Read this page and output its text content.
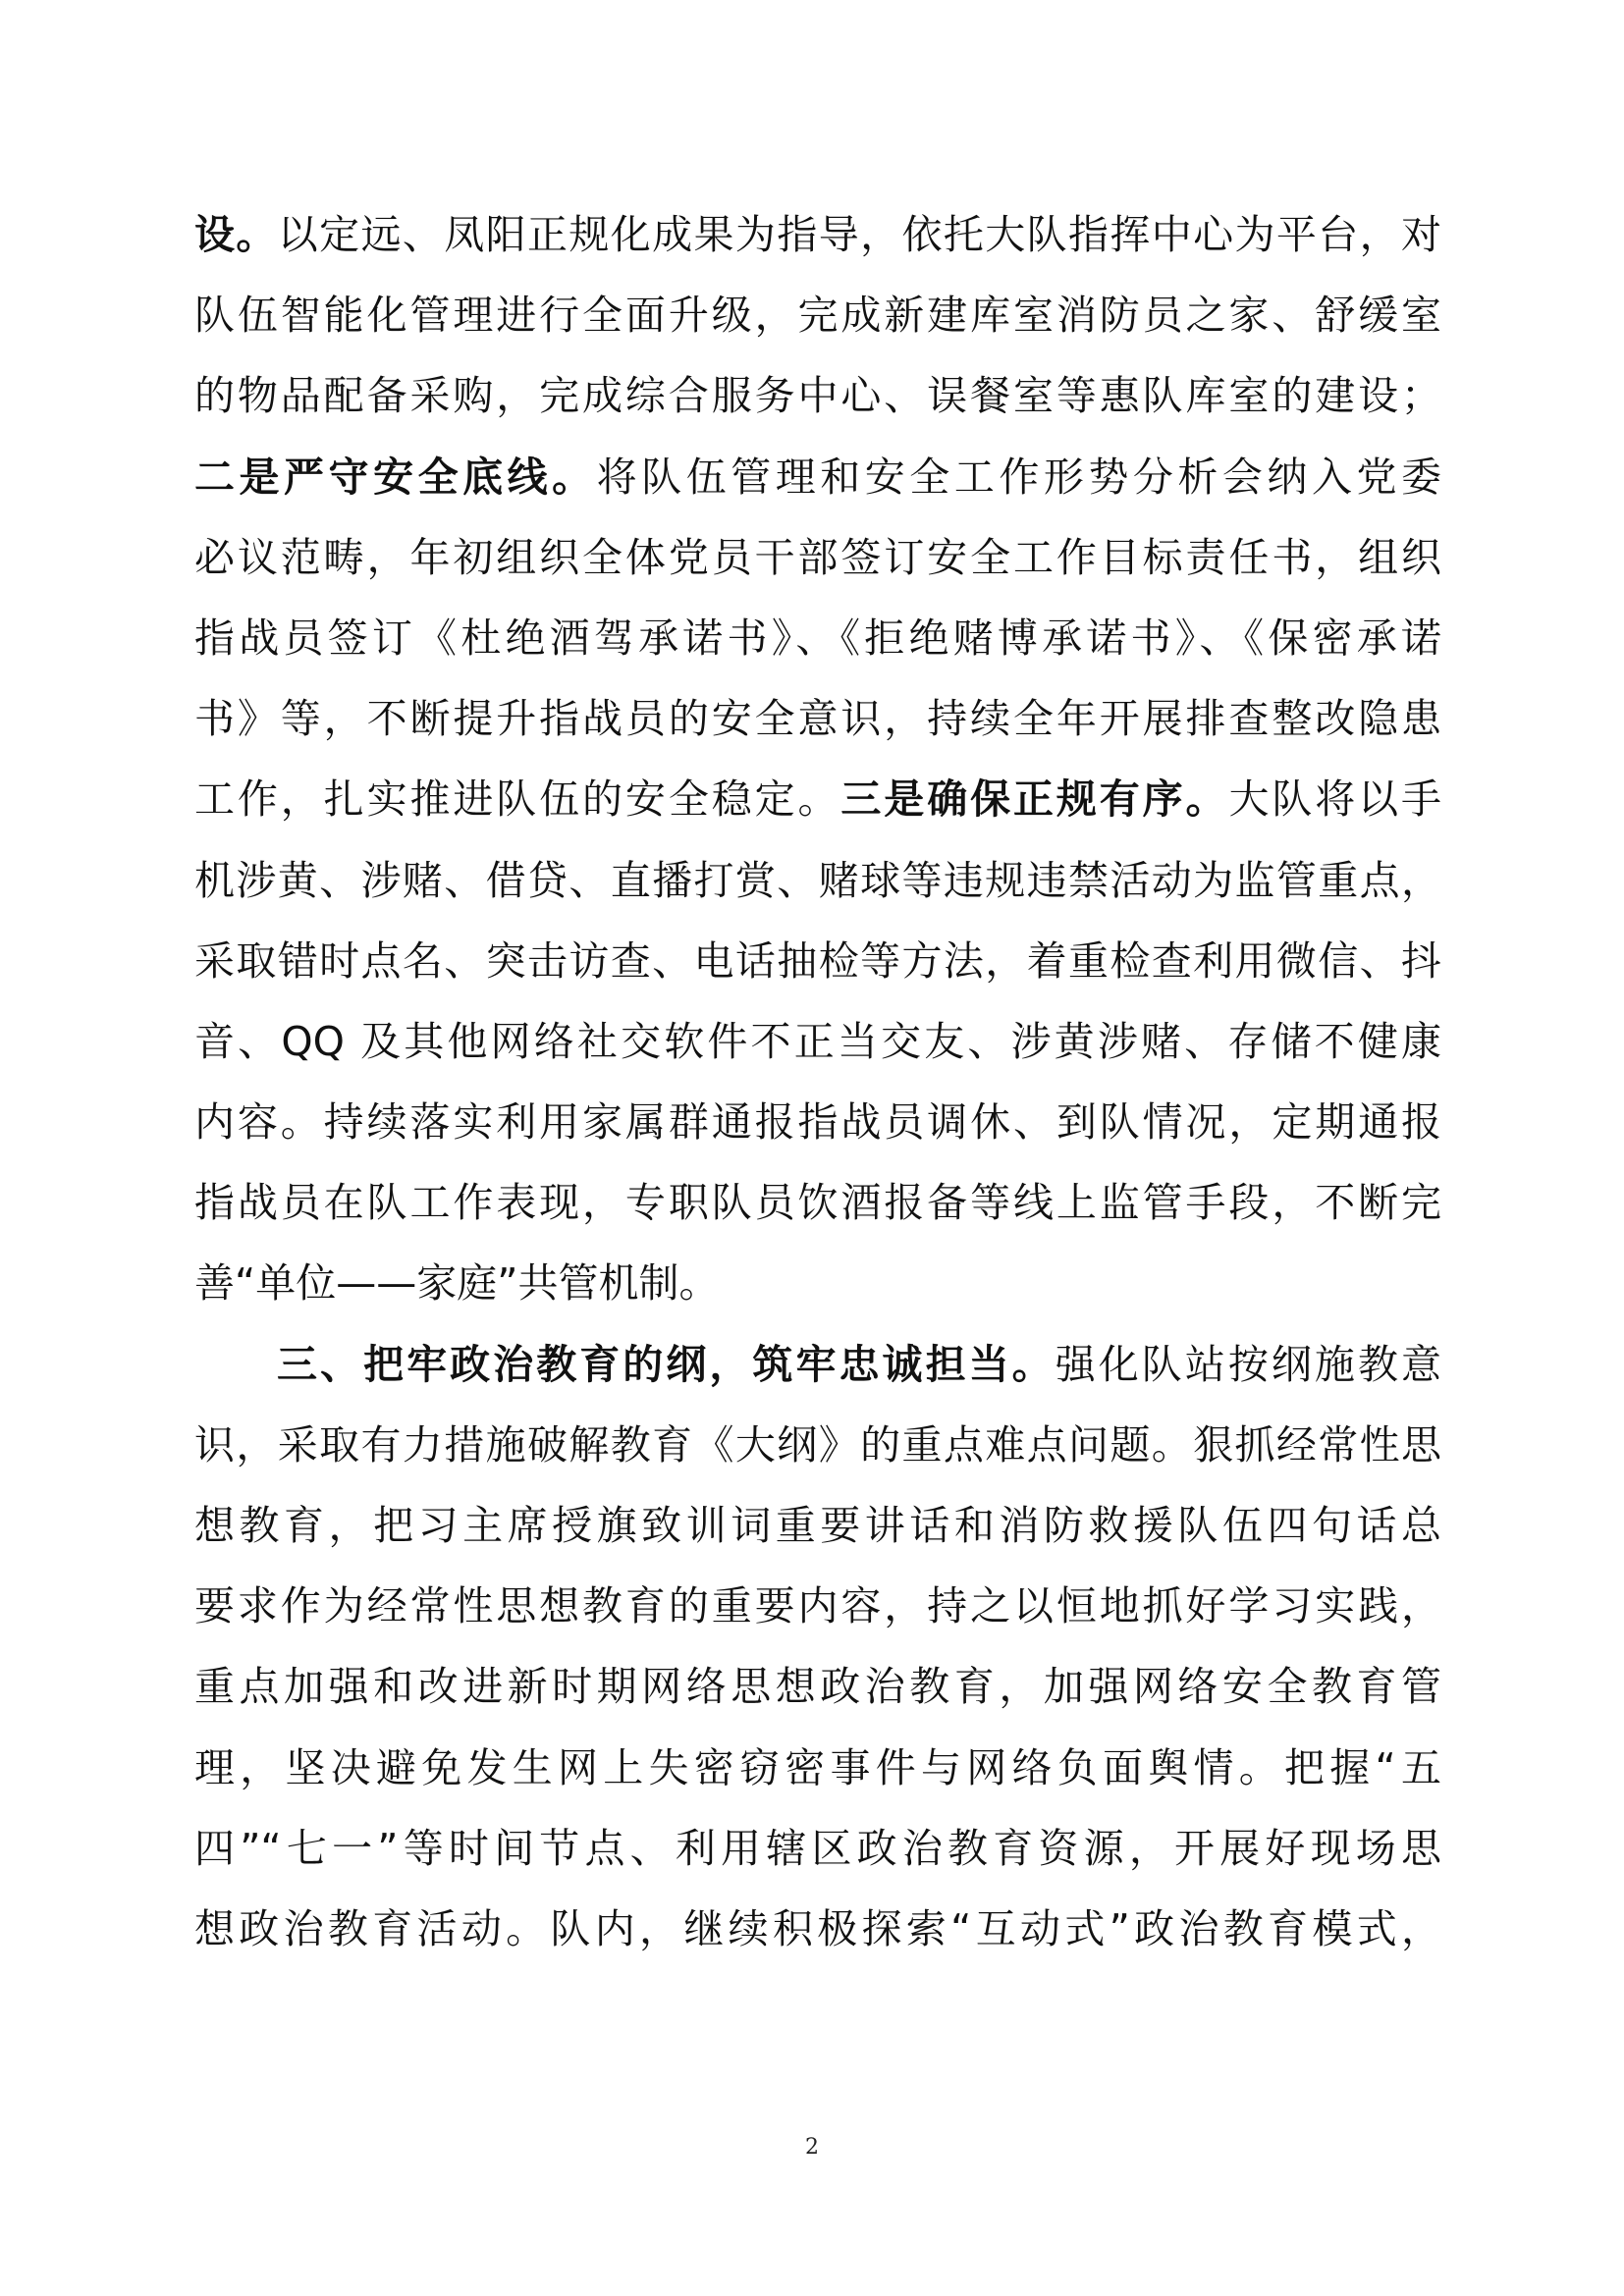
设。以定远、凤阳正规化成果为指导，依托大队指挥中心为平台，对
队伍智能化管理进行全面升级，完成新建库室消防员之家、舒缓室
的物品配备采购，完成综合服务中心、误餐室等惠队库室的建设；
二是严守安全底线。将队伍管理和安全工作形势分析会纳入党委
必议范畴，年初组织全体党员干部签订安全工作目标责任书，组织
指战员签订《杜绝酒驾承诺书》、《拒绝赌博承诺书》、《保密承诺
书》等，不断提升指战员的安全意识，持续全年开展排查整改隐患
工作，扎实推进队伍的安全稳定。三是确保正规有序。大队将以手
机涉黄、涉赌、借贷、直播打赏、赌球等违规违禁活动为监管重点，
采取错时点名、突击访查、电话抽检等方法，着重检查利用微信、抖
音、QQ 及其他网络社交软件不正当交友、涉黄涉赌、存储不健康
内容。持续落实利用家属群通报指战员调休、到队情况，定期通报
指战员在队工作表现，专职队员饮酒报备等线上监管手段，不断完
善“单位——家庭”共管机制。
三、把牢政治教育的纲，筑牢忠诚担当。强化队站按纲施教意
识，采取有力措施破解教育《大纲》的重点难点问题。狠抓经常性思
想教育，把习主席授旗致训词重要讲话和消防救援队伍四句话总
要求作为经常性思想教育的重要内容，持之以恒地抓好学习实践，
重点加强和改进新时期网络思想政治教育，加强网络安全教育管
理，坚决避免发生网上失密窃密事件与网络负面舆情。把握“五
四”“七一”等时间节点、利用辖区政治教育资源，开展好现场思
想政治教育活动。队内，继续积极探索“互动式”政治教育模式，
2
